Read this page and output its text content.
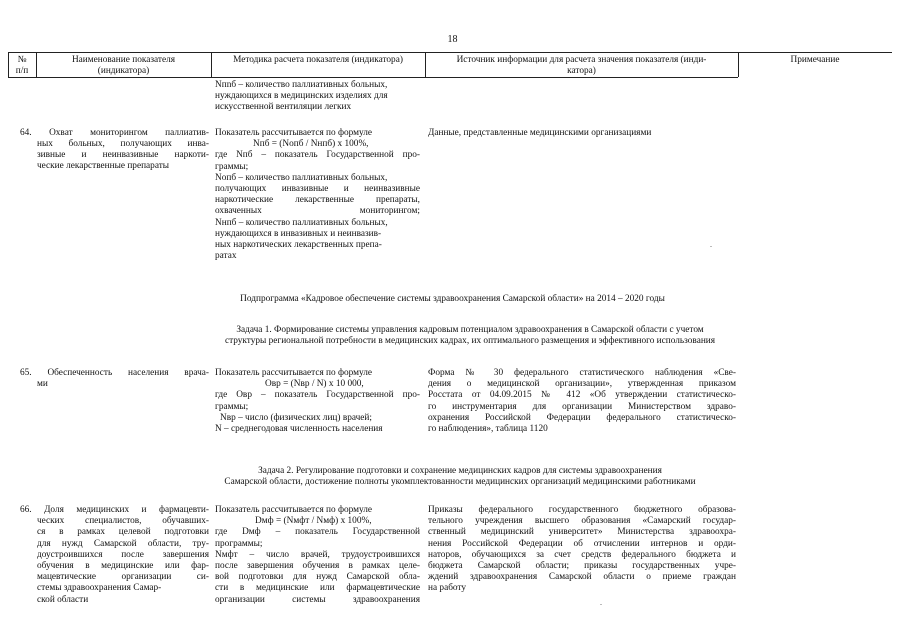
18
№
п/п
Наименование показателя
(индикатора)
Методика расчета показателя (индикатора)	Источник информации для расчета значения показателя (инди-
катора)
Примечание
Nпnб – количество паллиативных больных,
нуждающихся в медицинских изделиях для
искусственной вентиляции легких
64. Охват мониторингом паллиатив-
ных больных, получающих инва-
зивные и неинвазивные наркоти-
ческие лекарственные препараты
Показатель рассчитывается по формуле
Nпб = (Nопб / Nнпб) x 100%,
где Nпб – показатель Государственной про-
граммы;
Nопб – количество паллиативных больных,
получающих инвазивные и неинвазивные
наркотические лекарственные препараты,
охваченных мониторингом;
Nнпб – количество паллиативных больных,
нуждающихся в инвазивных и неинвазив-
ных наркотических лекарственных препа-
ратах
Данные, представленные медицинскими организациями
Подпрограмма «Кадровое обеспечение системы здравоохранения Самарской области» на 2014 – 2020 годы
Задача 1. Формирование системы управления кадровым потенциалом здравоохранения в Самарской области с учетом
структуры региональной потребности в медицинских кадрах, их оптимального размещения и эффективного использования
65. Обеспеченность населения врача-
ми
Показатель рассчитывается по формуле
Oвр = (Nвр / N) x 10 000,
где Oвр – показатель Государственной про-
граммы;
Nвр – число (физических лиц) врачей;
N – среднегодовая численность населения
Форма № 30 федерального статистического наблюдения «Све-
дения о медицинской организации», утвержденная приказом
Росстата от 04.09.2015 № 412 «Об утверждении статистическо-
го инструментария для организации Министерством здраво-
охранения Российской Федерации федерального статистическо-
го наблюдения», таблица 1120
Задача 2. Регулирование подготовки и сохранение медицинских кадров для системы здравоохранения
Самарской области, достижение полноты укомплектованности медицинских организаций медицинскими работниками
66. Доля медицинских и фармацевти-
ческих специалистов, обучавших-
ся в рамках целевой подготовки
для нужд Самарской области, тру-
доустроившихся после завершения
обучения в медицинские или фар-
мацевтические организации си-
стемы здравоохранения Самар-
ской области
Показатель рассчитывается по формуле
Dмф = (Nмфт / Nмф) x 100%,
где Dмф – показатель Государственной
программы;
Nмфт – число врачей, трудоустроившихся
после завершения обучения в рамках целе-
вой подготовки для нужд Самарской обла-
сти в медицинские или фармацевтические
организации системы здравоохранения
Приказы федерального государственного бюджетного образова-
тельного учреждения высшего образования «Самарский государ-
ственный медицинский университет» Министерства здравоохра-
нения Российской Федерации об отчислении интернов и орди-
наторов, обучающихся за счет средств федерального бюджета и
бюджета Самарской области; приказы государственных учре-
ждений здравоохранения Самарской области о приеме граждан
на работу
